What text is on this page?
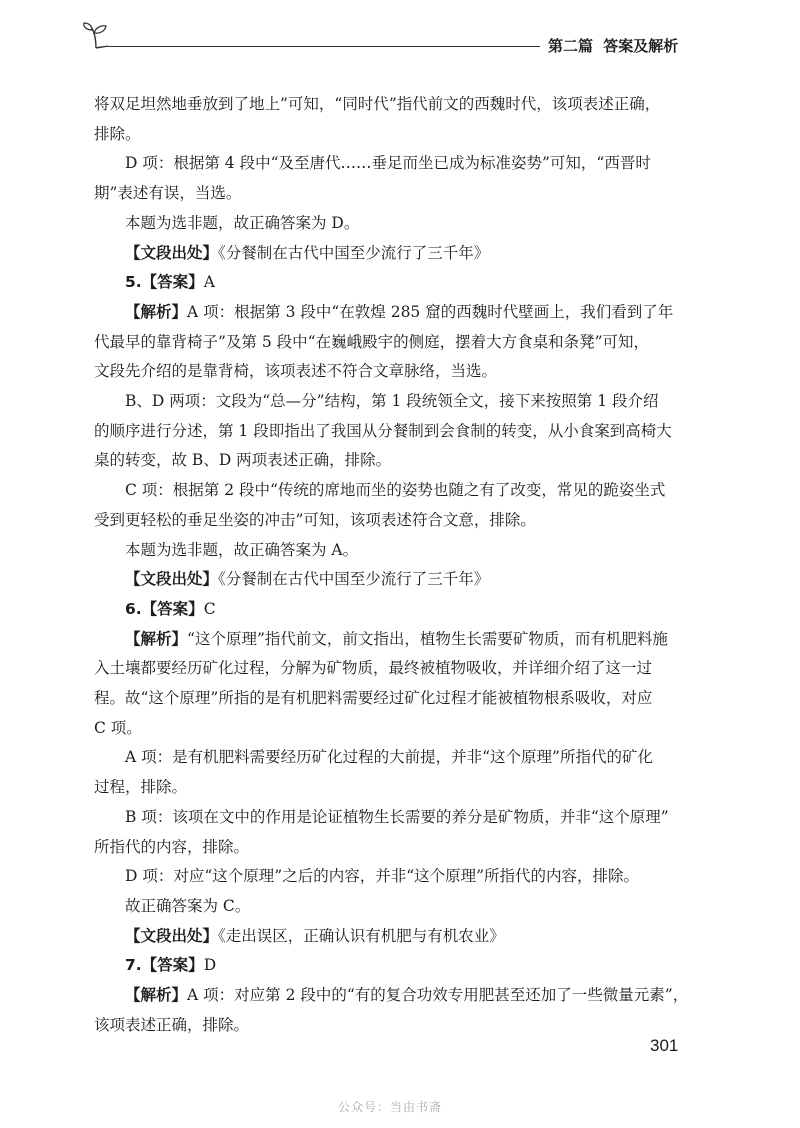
第二篇 答案及解析

将双足坦然地垂放到了地上”可知，“同时代”指代前文的西魏时代，该项表述正确，

排除。

D 项：根据第 4 段中“及至唐代……垂足而坐已成为标准姿势”可知，“西晋时

期”表述有误，当选。

本题为选非题，故正确答案为 D。

【文段出处】《分餐制在古代中国至少流行了三千年》

5.【答案】A

【解析】A 项：根据第 3 段中“在敦煌 285 窟的西魏时代壁画上，我们看到了年

代最早的靠背椅子”及第 5 段中“在巍峨殿宇的侧庭，摆着大方食桌和条凳”可知，

文段先介绍的是靠背椅，该项表述不符合文章脉络，当选。

B、D 两项：文段为“总—分”结构，第 1 段统领全文，接下来按照第 1 段介绍

的顺序进行分述，第 1 段即指出了我国从分餐制到会食制的转变，从小食案到高椅大

桌的转变，故 B、D 两项表述正确，排除。

C 项：根据第 2 段中“传统的席地而坐的姿势也随之有了改变，常见的跪姿坐式

受到更轻松的垂足坐姿的冲击”可知，该项表述符合文意，排除。

本题为选非题，故正确答案为 A。

【文段出处】《分餐制在古代中国至少流行了三千年》

6.【答案】C

【解析】“这个原理”指代前文，前文指出，植物生长需要矿物质，而有机肥料施

入土壤都要经历矿化过程，分解为矿物质，最终被植物吸收，并详细介绍了这一过

程。故“这个原理”所指的是有机肥料需要经过矿化过程才能被植物根系吸收，对应

C 项。

A 项：是有机肥料需要经历矿化过程的大前提，并非“这个原理”所指代的矿化

过程，排除。

B 项：该项在文中的作用是论证植物生长需要的养分是矿物质，并非“这个原理”

所指代的内容，排除。

D 项：对应“这个原理”之后的内容，并非“这个原理”所指代的内容，排除。

故正确答案为 C。

【文段出处】《走出误区，正确认识有机肥与有机农业》

7.【答案】D

【解析】A 项：对应第 2 段中的“有的复合功效专用肥甚至还加了一些微量元素”，

该项表述正确，排除。

301
公众号：当由书斋
